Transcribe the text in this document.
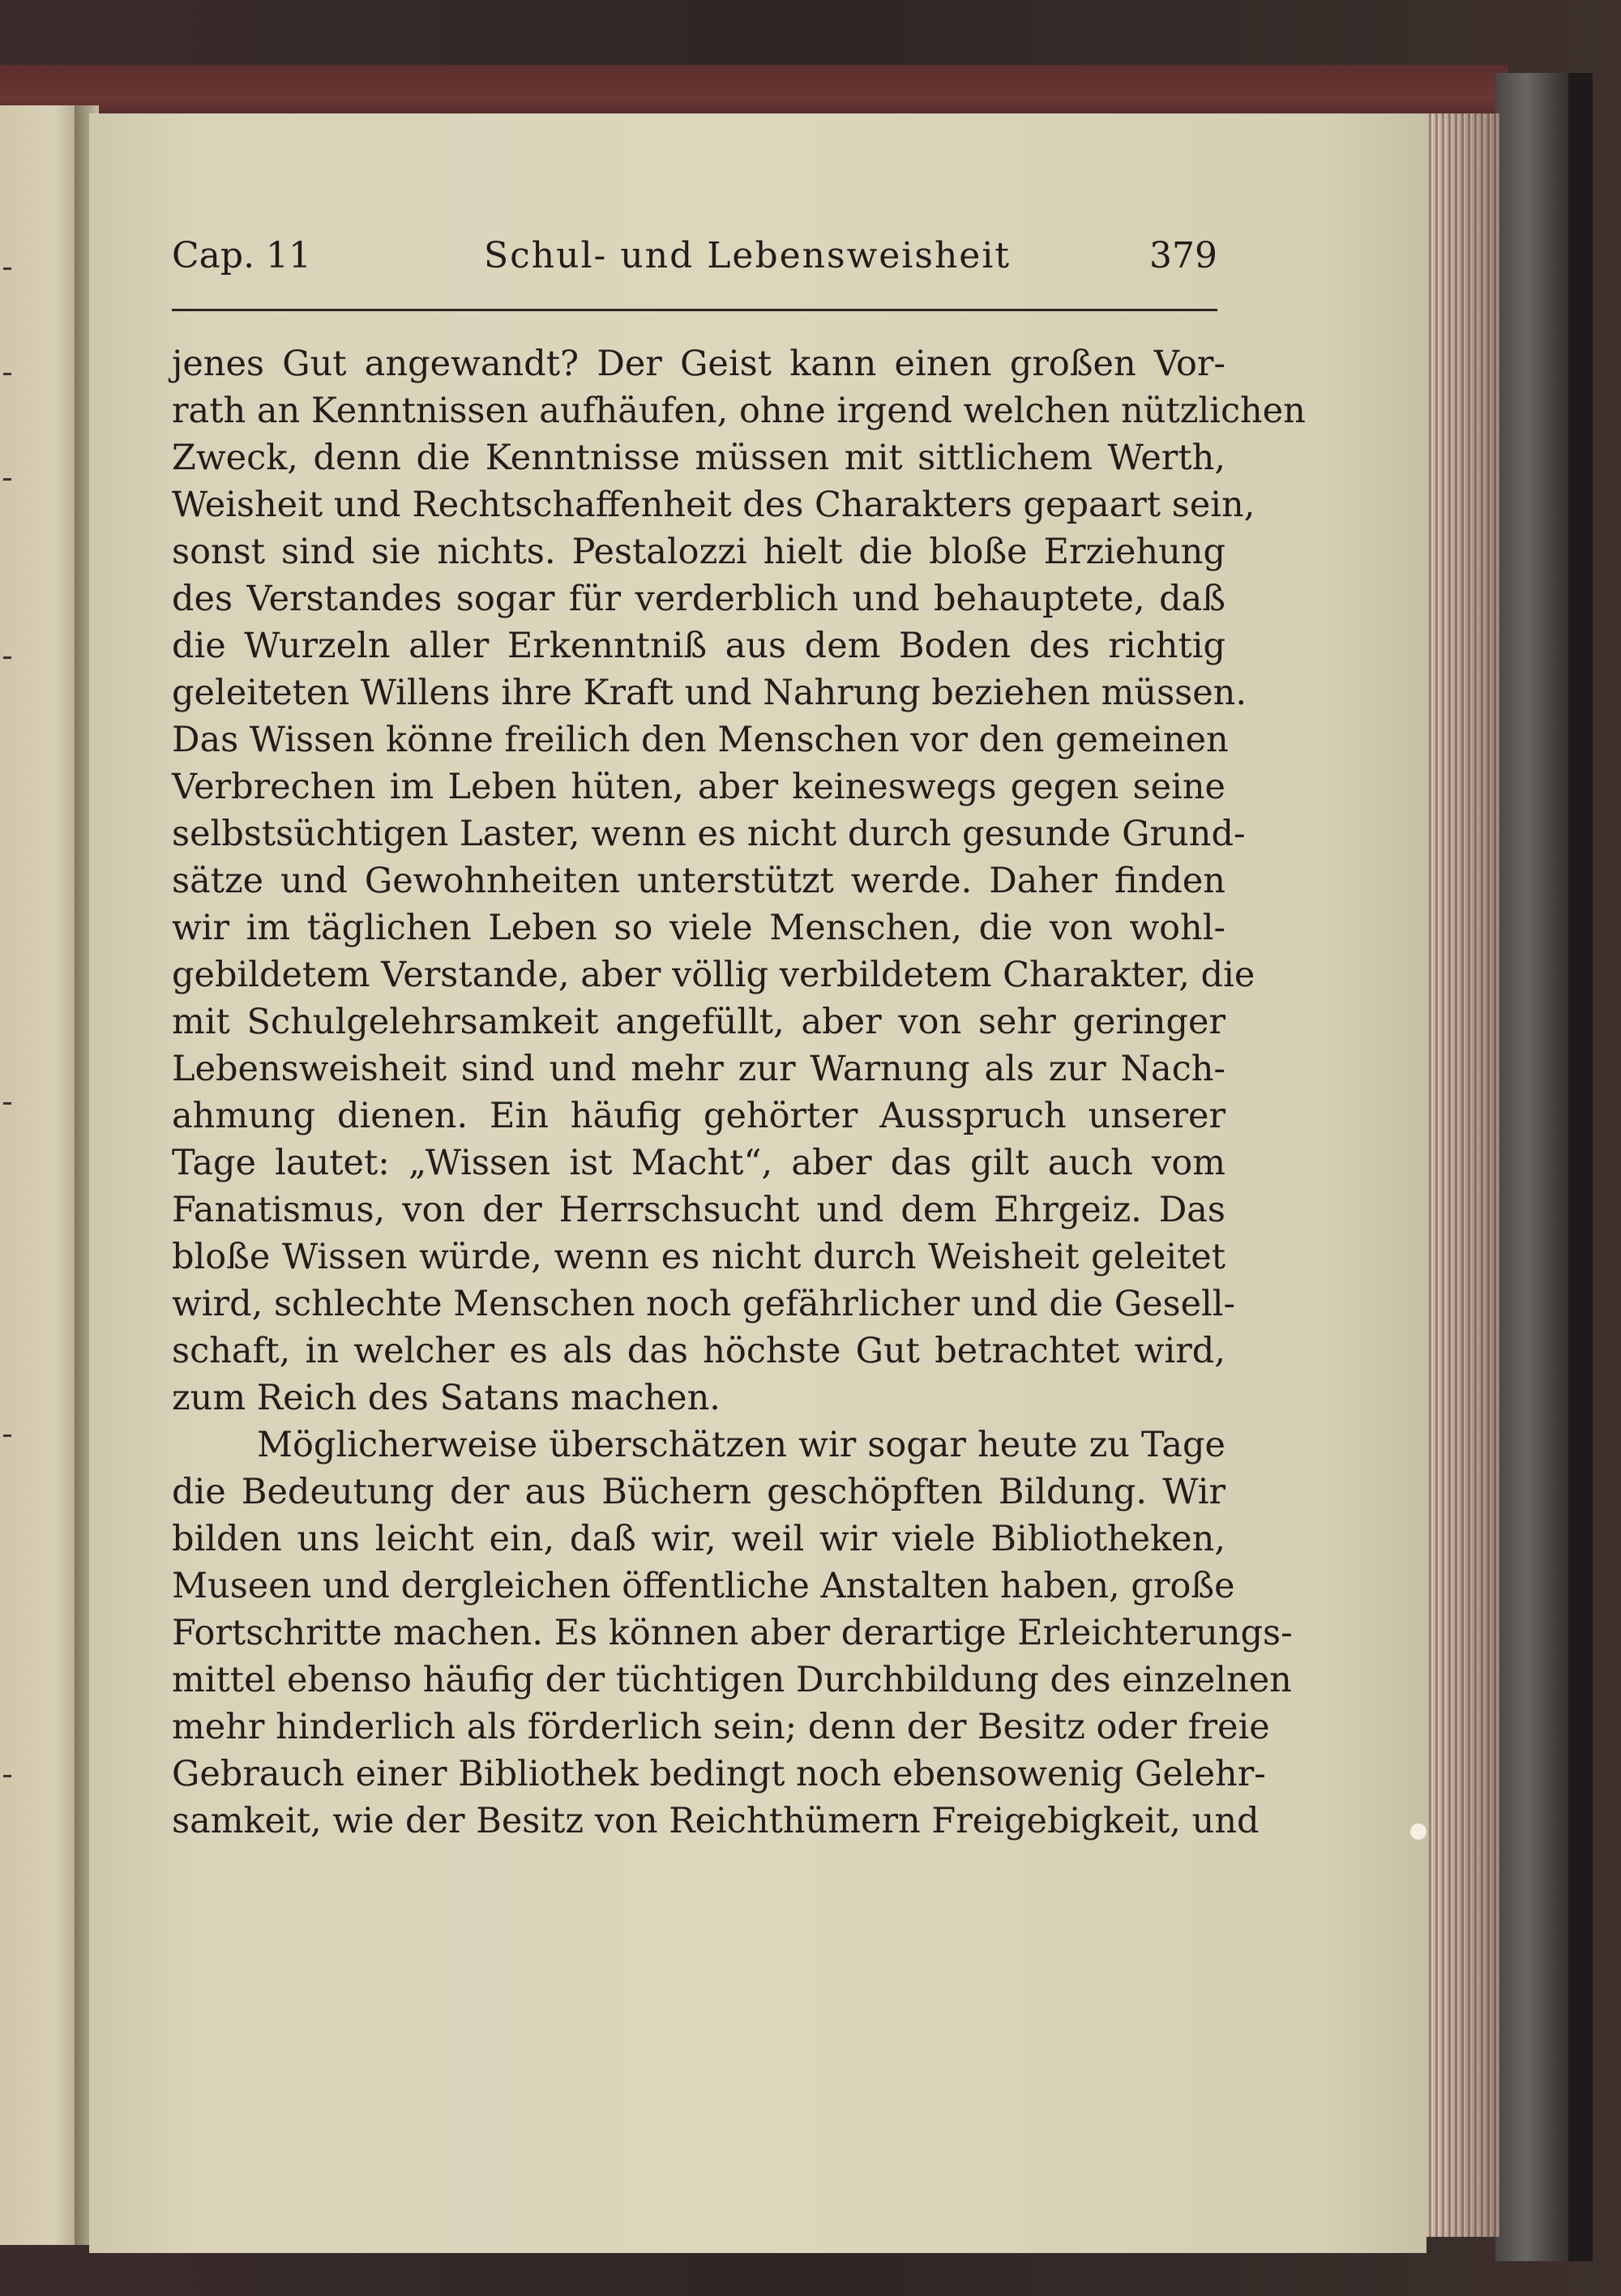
Cap. 11	Schul- und Lebensweisheit	379
jenes Gut angewandt? Der Geist kann einen großen Vor-
rath an Kenntnissen aufhäufen, ohne irgend welchen nützlichen
Zweck, denn die Kenntnisse müssen mit sittlichem Werth,
Weisheit und Rechtschaffenheit des Charakters gepaart sein,
sonst sind sie nichts. Pestalozzi hielt die bloße Erziehung
des Verstandes sogar für verderblich und behauptete, daß
die Wurzeln aller Erkenntniß aus dem Boden des richtig
geleiteten Willens ihre Kraft und Nahrung beziehen müssen.
Das Wissen könne freilich den Menschen vor den gemeinen
Verbrechen im Leben hüten, aber keineswegs gegen seine
selbstsüchtigen Laster, wenn es nicht durch gesunde Grund-
sätze und Gewohnheiten unterstützt werde. Daher finden
wir im täglichen Leben so viele Menschen, die von wohl-
gebildetem Verstande, aber völlig verbildetem Charakter, die
mit Schulgelehrsamkeit angefüllt, aber von sehr geringer
Lebensweisheit sind und mehr zur Warnung als zur Nach-
ahmung dienen. Ein häufig gehörter Ausspruch unserer
Tage lautet: „Wissen ist Macht“, aber das gilt auch vom
Fanatismus, von der Herrschsucht und dem Ehrgeiz. Das
bloße Wissen würde, wenn es nicht durch Weisheit geleitet
wird, schlechte Menschen noch gefährlicher und die Gesell-
schaft, in welcher es als das höchste Gut betrachtet wird,
zum Reich des Satans machen.
Möglicherweise überschätzen wir sogar heute zu Tage
die Bedeutung der aus Büchern geschöpften Bildung. Wir
bilden uns leicht ein, daß wir, weil wir viele Bibliotheken,
Museen und dergleichen öffentliche Anstalten haben, große
Fortschritte machen. Es können aber derartige Erleichterungs-
mittel ebenso häufig der tüchtigen Durchbildung des einzelnen
mehr hinderlich als förderlich sein; denn der Besitz oder freie
Gebrauch einer Bibliothek bedingt noch ebensowenig Gelehr-
samkeit, wie der Besitz von Reichthümern Freigebigkeit, und
